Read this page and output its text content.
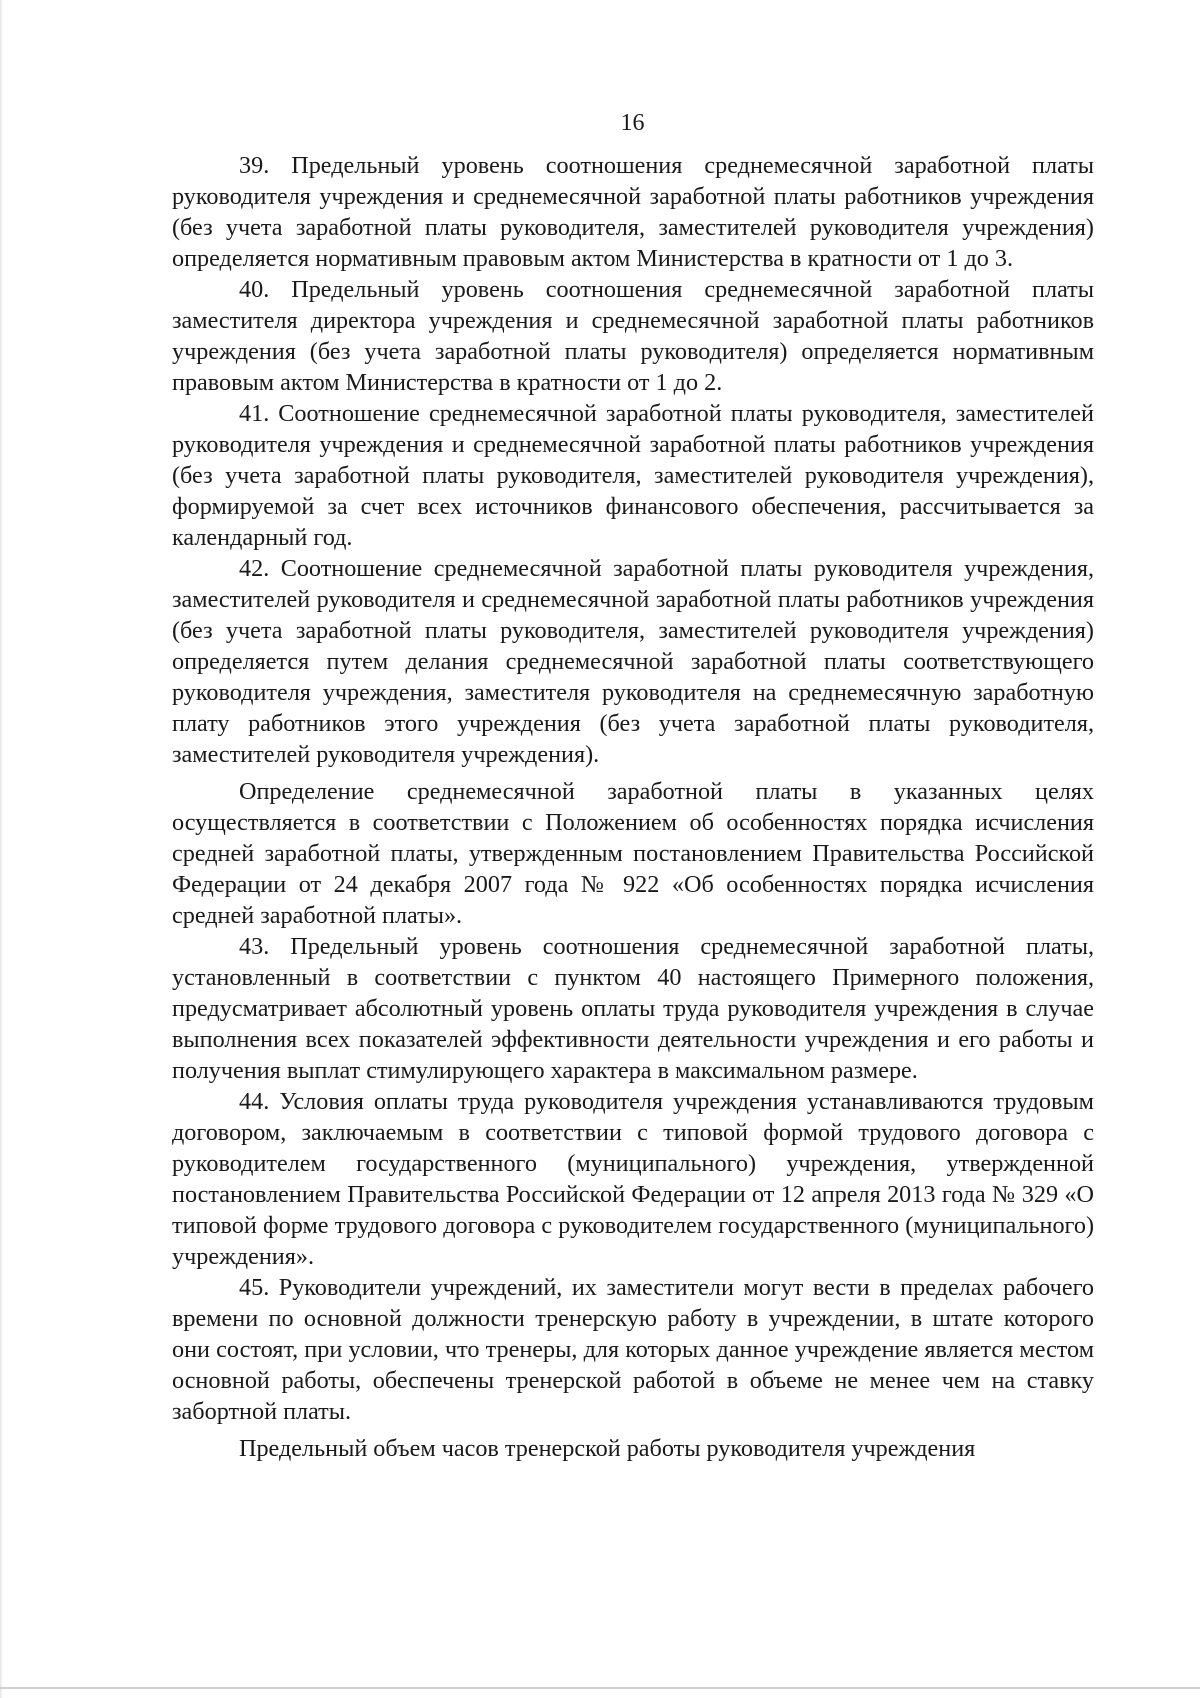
16

39. Предельный уровень соотношения среднемесячной заработной платы руководителя учреждения и среднемесячной заработной платы работников учреждения (без учета заработной платы руководителя, заместителей руководителя учреждения) определяется нормативным правовым актом Министерства в кратности от 1 до 3.

40. Предельный уровень соотношения среднемесячной заработной платы заместителя директора учреждения и среднемесячной заработной платы работников учреждения (без учета заработной платы руководителя) определяется нормативным правовым актом Министерства в кратности от 1 до 2.

41. Соотношение среднемесячной заработной платы руководителя, заместителей руководителя учреждения и среднемесячной заработной платы работников учреждения (без учета заработной платы руководителя, заместителей руководителя учреждения), формируемой за счет всех источников финансового обеспечения, рассчитывается за календарный год.

42. Соотношение среднемесячной заработной платы руководителя учреждения, заместителей руководителя и среднемесячной заработной платы работников учреждения (без учета заработной платы руководителя, заместителей руководителя учреждения) определяется путем делания среднемесячной заработной платы соответствующего руководителя учреждения, заместителя руководителя на среднемесячную заработную плату работников этого учреждения (без учета заработной платы руководителя, заместителей руководителя учреждения).

Определение среднемесячной заработной платы в указанных целях осуществляется в соответствии с Положением об особенностях порядка исчисления средней заработной платы, утвержденным постановлением Правительства Российской Федерации от 24 декабря 2007 года № 922 «Об особенностях порядка исчисления средней заработной платы».

43. Предельный уровень соотношения среднемесячной заработной платы, установленный в соответствии с пунктом 40 настоящего Примерного положения, предусматривает абсолютный уровень оплаты труда руководителя учреждения в случае выполнения всех показателей эффективности деятельности учреждения и его работы и получения выплат стимулирующего характера в максимальном размере.

44. Условия оплаты труда руководителя учреждения устанавливаются трудовым договором, заключаемым в соответствии с типовой формой трудового договора с руководителем государственного (муниципального) учреждения, утвержденной постановлением Правительства Российской Федерации от 12 апреля 2013 года № 329 «О типовой форме трудового договора с руководителем государственного (муниципального) учреждения».

45. Руководители учреждений, их заместители могут вести в пределах рабочего времени по основной должности тренерскую работу в учреждении, в штате которого они состоят, при условии, что тренеры, для которых данное учреждение является местом основной работы, обеспечены тренерской работой в объеме не менее чем на ставку забортной платы.

Предельный объем часов тренерской работы руководителя учреждения
